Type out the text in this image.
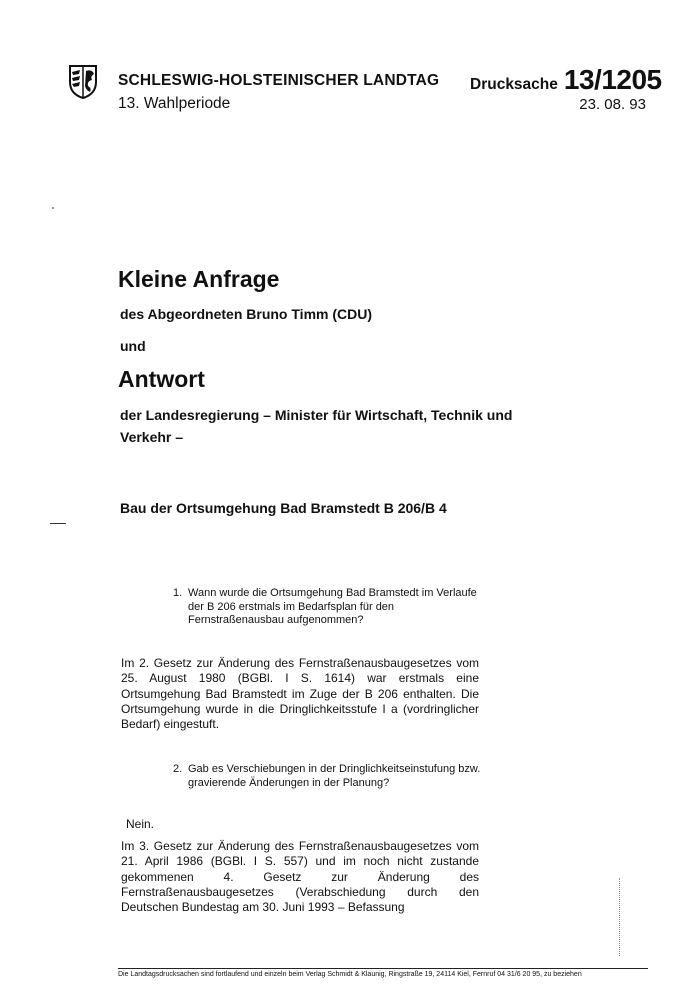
SCHLESWIG-HOLSTEINISCHER LANDTAG
13. Wahlperiode
Drucksache 13/1205
23. 08. 93
Kleine Anfrage
des Abgeordneten Bruno Timm (CDU)
und
Antwort
der Landesregierung – Minister für Wirtschaft, Technik und Verkehr –
Bau der Ortsumgehung Bad Bramstedt B 206/B 4
1. Wann wurde die Ortsumgehung Bad Bramstedt im Verlaufe der B 206 erstmals im Bedarfsplan für den Fernstraßenausbau aufgenommen?
Im 2. Gesetz zur Änderung des Fernstraßenausbaugesetzes vom 25. August 1980 (BGBl. I S. 1614) war erstmals eine Ortsumgehung Bad Bramstedt im Zuge der B 206 enthalten. Die Ortsumgehung wurde in die Dringlichkeitsstufe I a (vordringlicher Bedarf) eingestuft.
2. Gab es Verschiebungen in der Dringlichkeitseinstufung bzw. gravierende Änderungen in der Planung?
Nein.
Im 3. Gesetz zur Änderung des Fernstraßenausbaugesetzes vom 21. April 1986 (BGBl. I S. 557) und im noch nicht zustande gekommenen 4. Gesetz zur Änderung des Fernstraßenausbaugesetzes (Verabschiedung durch den Deutschen Bundestag am 30. Juni 1993 – Befassung
Die Landtagsdrucksachen sind fortlaufend und einzeln beim Verlag Schmidt & Klaunig, Ringstraße 19, 24114 Kiel, Fernruf 04 31/6 20 95, zu beziehen
